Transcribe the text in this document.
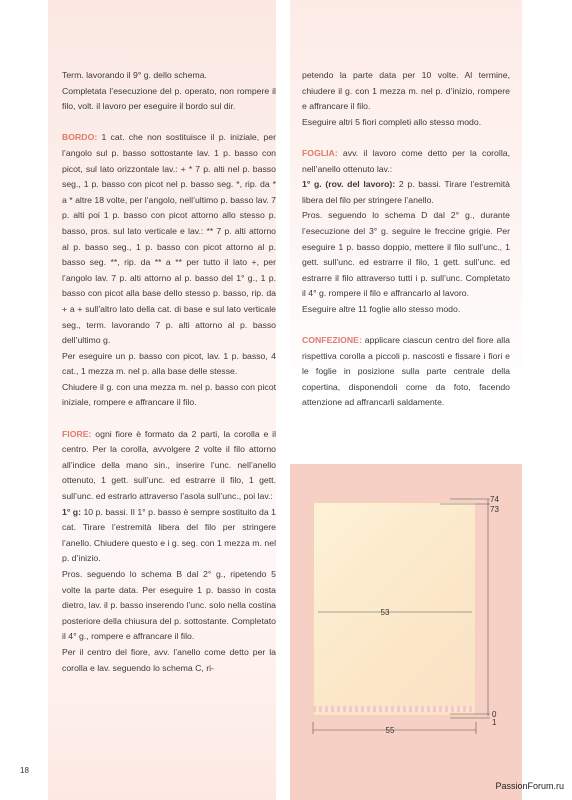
Term. lavorando il 9° g. dello schema.

Completata l’esecuzione del p. operato, non rompere il filo, volt. il lavoro per eseguire il bordo sul dir.

BORDO: 1 cat. che non sostituisce il p. iniziale, per l’angolo sul p. basso sottostante lav. 1 p. basso con picot, sul lato orizzontale lav.: + * 7 p. alti nel p. basso seg., 1 p. basso con picot nel p. basso seg. *, rip. da * a * altre 18 volte, per l’angolo, nell’ultimo p. basso lav. 7 p. alti poi 1 p. basso con picot attorno allo stesso p. basso, pros. sul lato verticale e lav.: ** 7 p. alti attorno al p. basso seg., 1 p. basso con picot attorno al p. basso seg. **, rip. da ** a ** per tutto il lato +, per l’angolo lav. 7 p. alti attorno al p. basso del 1° g., 1 p. basso con picot alla base dello stesso p. basso, rip. da + a + sull’altro lato della cat. di base e sul lato verticale seg., term. lavorando 7 p. alti attorno al p. basso dell’ultimo g.

Per eseguire un p. basso con picot, lav. 1 p. basso, 4 cat., 1 mezza m. nel p. alla base delle stesse.

Chiudere il g. con una mezza m. nel p. basso con picot iniziale, rompere e affrancare il filo.

FIORE: ogni fiore è formato da 2 parti, la corolla e il centro. Per la corolla, avvolgere 2 volte il filo attorno all’indice della mano sin., inserire l’unc. nell’anello ottenuto, 1 gett. sull’unc. ed estrarre il filo, 1 gett. sull’unc. ed estrarlo attraverso l’asola sull’unc., poi lav.:

1° g: 10 p. bassi. Il 1° p. basso è sempre sostituito da 1 cat. Tirare l’estremità libera del filo per stringere l’anello. Chiudere questo e i g. seg. con 1 mezza m. nel p. d’inizio.

Pros. seguendo lo schema B dal 2° g., ripetendo 5 volte la parte data. Per eseguire 1 p. basso in costa dietro, lav. il p. basso inserendo l’unc. solo nella costina posteriore della chiusura del p. sottostante. Completato il 4° g., rompere e affrancare il filo.

Per il centro del fiore, avv. l’anello come detto per la corolla e lav. seguendo lo schema C, ri-

petendo la parte data per 10 volte. Al termine, chiudere il g. con 1 mezza m. nel p. d’inizio, rompere e affrancare il filo.

Eseguire altri 5 fiori completi allo stesso modo.

FOGLIA: avv. il lavoro come detto per la corolla, nell’anello ottenuto lav.:

1° g. (rov. del lavoro): 2 p. bassi. Tirare l’estremità libera del filo per stringere l’anello.

Pros. seguendo lo schema D dal 2° g., durante l’esecuzione del 3° g. seguire le freccine grigie. Per eseguire 1 p. basso doppio, mettere il filo sull’unc., 1 gett. sull’unc. ed estrarre il filo, 1 gett. sull’unc. ed estrarre il filo attraverso tutti i p. sull’unc. Completato il 4° g. rompere il filo e affrancarlo al lavoro.

Eseguire altre 11 foglie allo stesso modo.

CONFEZIONE: applicare ciascun centro del fiore alla rispettiva corolla a piccoli p. nascosti e fissare i fiori e le foglie in posizione sulla parte centrale della copertina, disponendoli come da foto, facendo attenzione ad affrancarli saldamente.

74
73
53
0
1
55
18
PassionForum.ru
